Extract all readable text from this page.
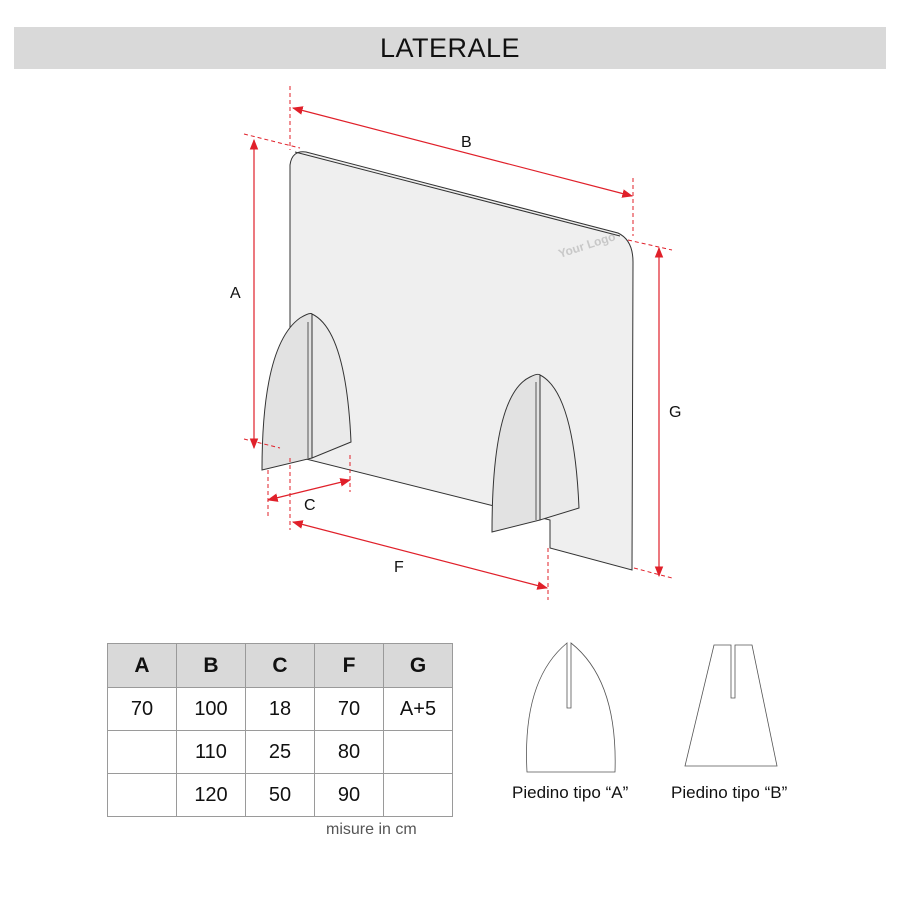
LATERALE
Your Logo
A
B
C
F
G
A	B	C	F	G
70	100	18	70	A+5
	110	25	80	
	120	50	90	
misure in cm
Piedino tipo “A”	Piedino tipo “B”
